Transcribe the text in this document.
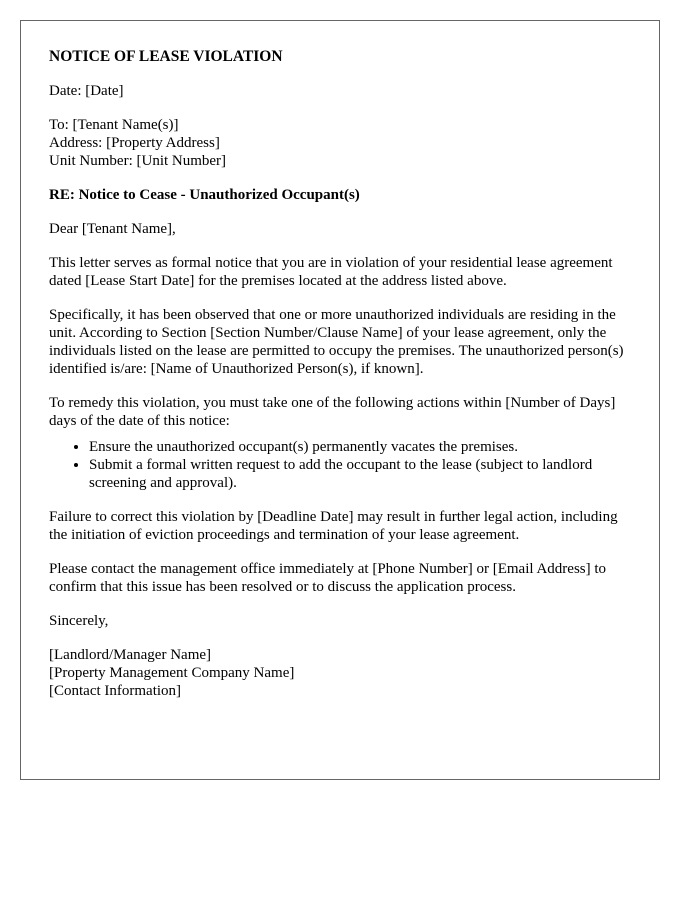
NOTICE OF LEASE VIOLATION

Date: [Date]

To: [Tenant Name(s)]
Address: [Property Address]
Unit Number: [Unit Number]

RE: Notice to Cease - Unauthorized Occupant(s)

Dear [Tenant Name],

This letter serves as formal notice that you are in violation of your residential lease agreement dated [Lease Start Date] for the premises located at the address listed above.

Specifically, it has been observed that one or more unauthorized individuals are residing in the unit. According to Section [Section Number/Clause Name] of your lease agreement, only the individuals listed on the lease are permitted to occupy the premises. The unauthorized person(s) identified is/are: [Name of Unauthorized Person(s), if known].

To remedy this violation, you must take one of the following actions within [Number of Days] days of the date of this notice:

• Ensure the unauthorized occupant(s) permanently vacates the premises.
• Submit a formal written request to add the occupant to the lease (subject to landlord screening and approval).

Failure to correct this violation by [Deadline Date] may result in further legal action, including the initiation of eviction proceedings and termination of your lease agreement.

Please contact the management office immediately at [Phone Number] or [Email Address] to confirm that this issue has been resolved or to discuss the application process.

Sincerely,

[Landlord/Manager Name]
[Property Management Company Name]
[Contact Information]
